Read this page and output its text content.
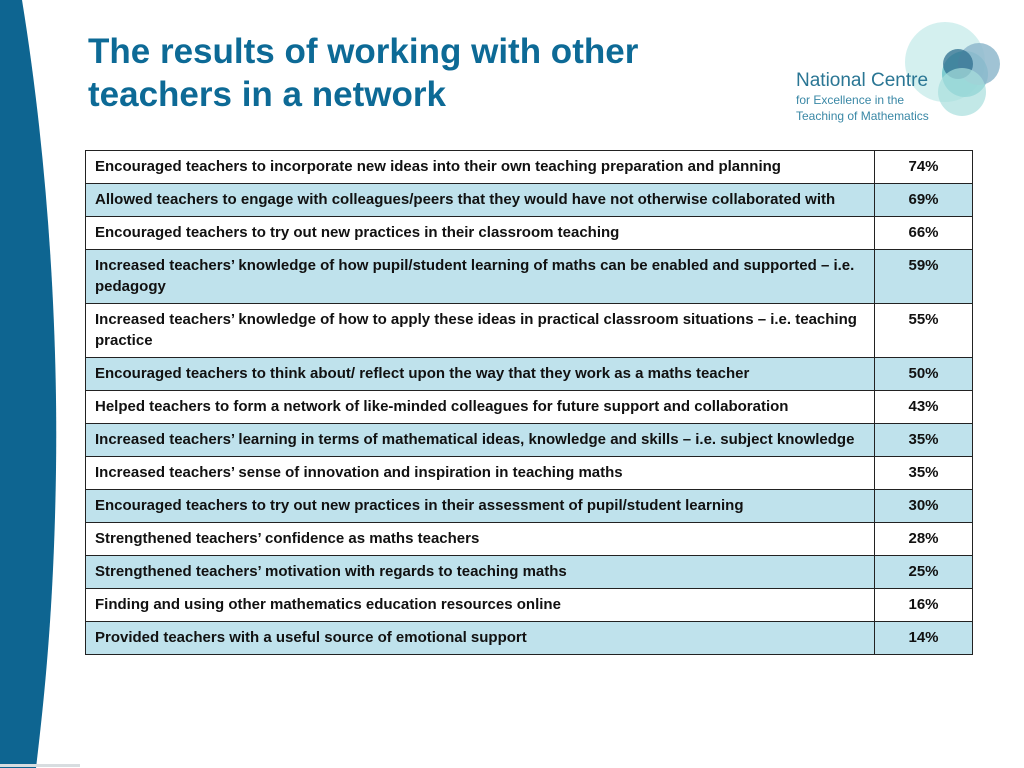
The results of working with other teachers in a network	National Centre
for Excellence in the
Teaching of Mathematics
Encouraged teachers to incorporate new ideas into their own teaching preparation and planning	74%
Allowed teachers to engage with colleagues/peers that they would have not otherwise collaborated with	69%
Encouraged teachers to try out new practices in their classroom teaching	66%
Increased teachers’ knowledge of how pupil/student learning of maths can be enabled and supported – i.e. pedagogy	59%
Increased teachers’ knowledge of how to apply these ideas in practical classroom situations – i.e. teaching practice	55%
Encouraged teachers to think about/ reflect upon the way that they work as a maths teacher	50%
Helped teachers to form a network of like-minded colleagues for future support and collaboration	43%
Increased teachers’ learning in terms of mathematical ideas, knowledge and skills – i.e. subject knowledge	35%
Increased teachers’ sense of innovation and inspiration in teaching maths	35%
Encouraged teachers to try out new practices in their assessment of pupil/student learning	30%
Strengthened teachers’ confidence as maths teachers	28%
Strengthened teachers’ motivation with regards to teaching maths	25%
Finding and using other mathematics education resources online	16%
Provided teachers with a useful source of emotional support	14%
